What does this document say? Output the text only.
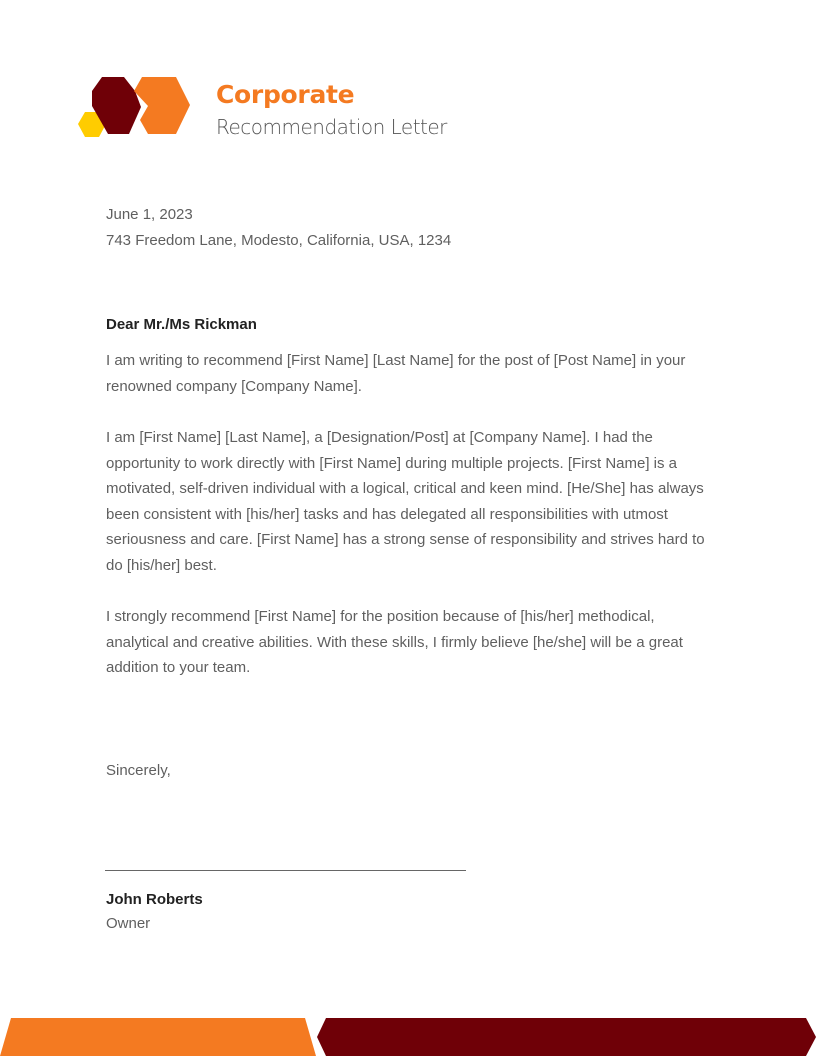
Corporate
Recommendation Letter
June 1, 2023
743 Freedom Lane, Modesto, California, USA, 1234
Dear Mr./Ms Rickman
I am writing to recommend [First Name] [Last Name] for the post of [Post Name] in your
renowned company [Company Name].
I am [First Name] [Last Name], a [Designation/Post] at [Company Name]. I had the
opportunity to work directly with [First Name] during multiple projects. [First Name] is a
motivated, self-driven individual with a logical, critical and keen mind. [He/She] has always
been consistent with [his/her] tasks and has delegated all responsibilities with utmost
seriousness and care. [First Name] has a strong sense of responsibility and strives hard to
do [his/her] best.
I strongly recommend [First Name] for the position because of [his/her] methodical,
analytical and creative abilities. With these skills, I firmly believe [he/she] will be a great
addition to your team.
Sincerely,
John Roberts
Owner
